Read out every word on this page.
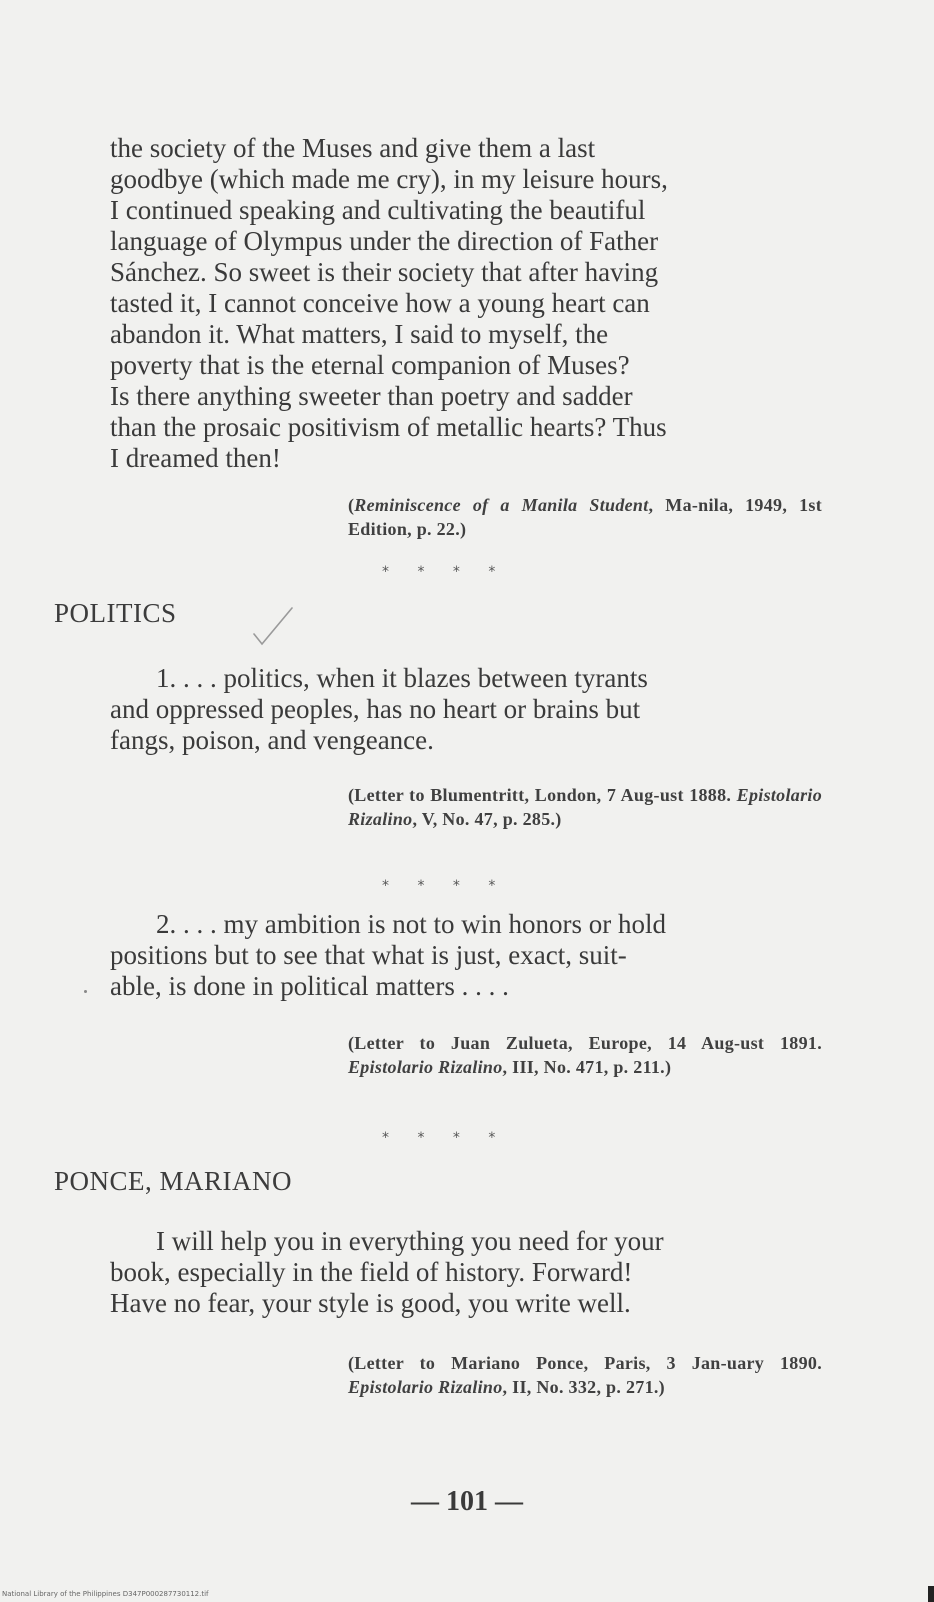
the society of the Muses and give them a last
goodbye (which made me cry), in my leisure hours,
I continued speaking and cultivating the beautiful
language of Olympus under the direction of Father
Sánchez. So sweet is their society that after having
tasted it, I cannot conceive how a young heart can
abandon it. What matters, I said to myself, the
poverty that is the eternal companion of Muses?
Is there anything sweeter than poetry and sadder
than the prosaic positivism of metallic hearts? Thus
I dreamed then!

(Reminiscence of a Manila Student, Ma-nila, 1949, 1st Edition, p. 22.)

* * * *
POLITICS
1. . . . politics, when it blazes between tyrants
and oppressed peoples, has no heart or brains but
fangs, poison, and vengeance.

(Letter to Blumentritt, London, 7 Aug-ust 1888. Epistolario Rizalino, V, No. 47, p. 285.)

* * * *
2. . . . my ambition is not to win honors or hold
positions but to see that what is just, exact, suit-
able, is done in political matters . . . .

(Letter to Juan Zulueta, Europe, 14 Aug-ust 1891. Epistolario Rizalino, III, No. 471, p. 211.)

* * * *
PONCE, MARIANO
I will help you in everything you need for your
book, especially in the field of history. Forward!
Have no fear, your style is good, you write well.

(Letter to Mariano Ponce, Paris, 3 Jan-uary 1890. Epistolario Rizalino, II, No. 332, p. 271.)

— 101 —
National Library of the Philippines D347P000287730112.tif
